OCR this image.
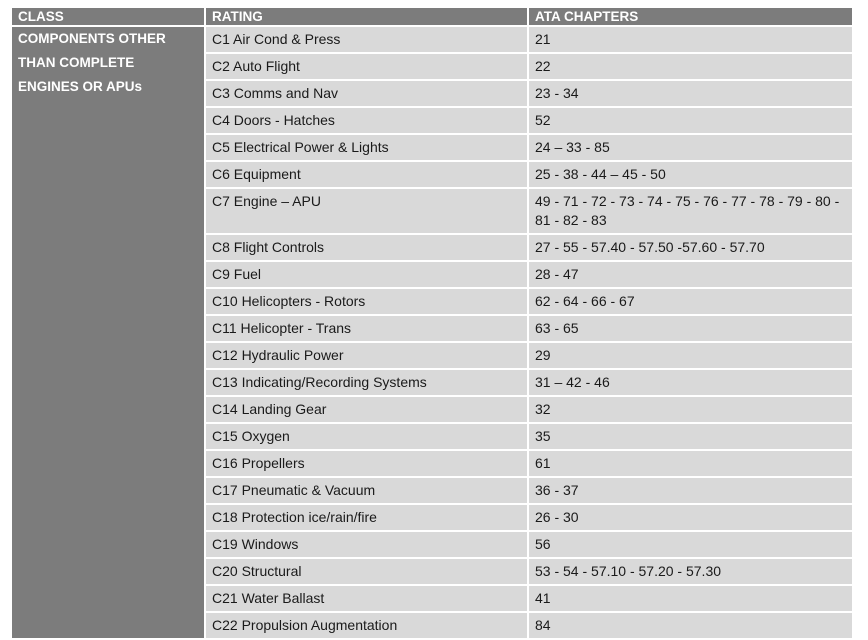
CLASS	RATING	ATA CHAPTERS

COMPONENTS OTHER
THAN COMPLETE
ENGINES OR APUs	C1 Air Cond & Press	21
	C2 Auto Flight	22
	C3 Comms and Nav	23 - 34
	C4 Doors - Hatches	52
	C5 Electrical Power & Lights	24 – 33 - 85
	C6 Equipment	25 - 38 - 44 – 45 - 50
	C7 Engine – APU	49 - 71 - 72 - 73 - 74 - 75 - 76 - 77 - 78 - 79 - 80 - 81 - 82 - 83
	C8 Flight Controls	27 - 55 - 57.40 - 57.50 -57.60 - 57.70
	C9 Fuel	28 - 47
	C10 Helicopters - Rotors	62 - 64 - 66 - 67
	C11 Helicopter - Trans	63 - 65
	C12 Hydraulic Power	29
	C13 Indicating/Recording Systems	31 – 42 - 46
	C14 Landing Gear	32
	C15 Oxygen	35
	C16 Propellers	61
	C17 Pneumatic & Vacuum	36 - 37
	C18 Protection ice/rain/fire	26 - 30
	C19 Windows	56
	C20 Structural	53 - 54 - 57.10 - 57.20 - 57.30
	C21 Water Ballast	41
	C22 Propulsion Augmentation	84
